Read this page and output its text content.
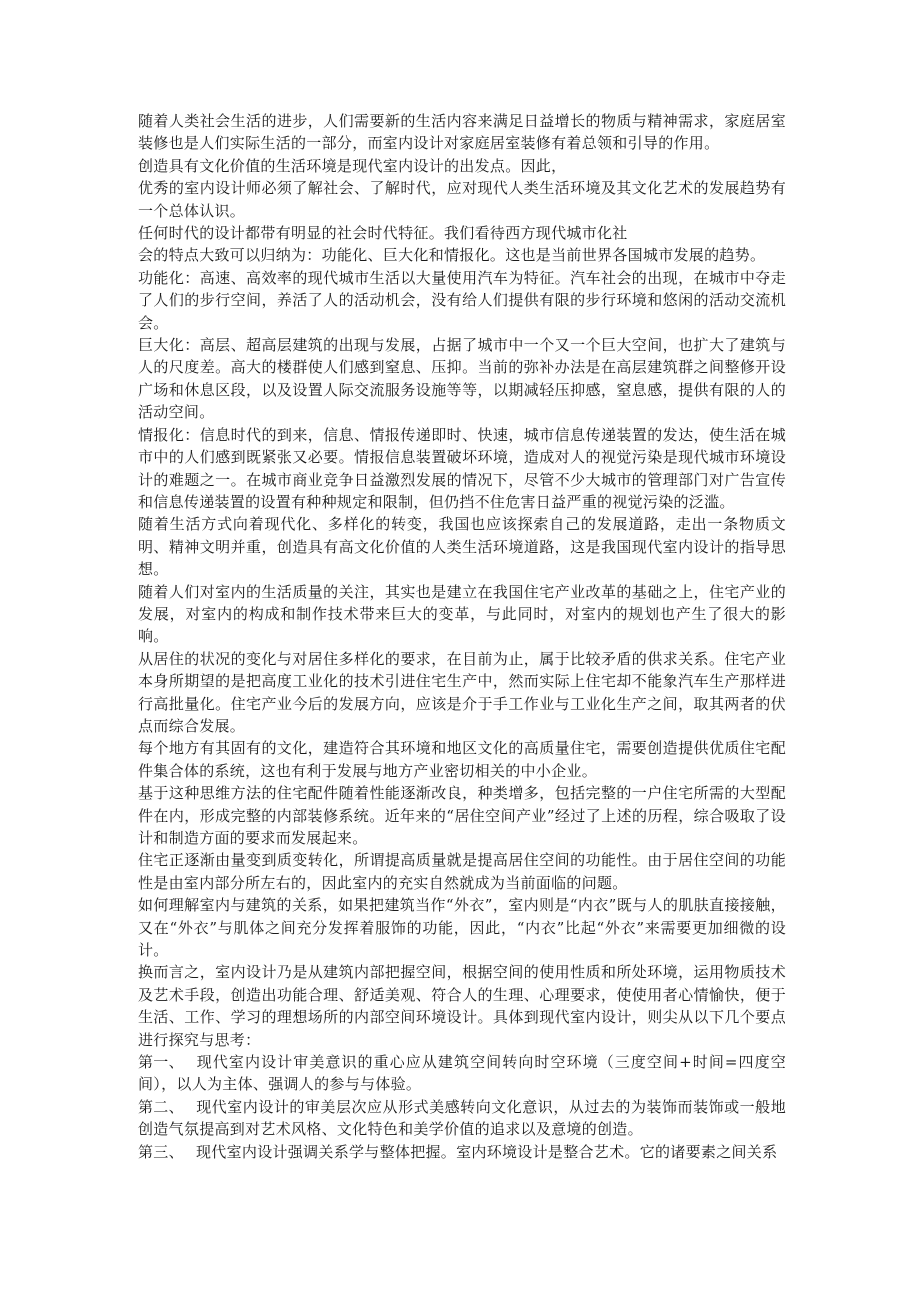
随着人类社会生活的进步，人们需要新的生活内容来满足日益增长的物质与精神需求，家庭居室装修也是人们实际生活的一部分，而室内设计对家庭居室装修有着总领和引导的作用。

创造具有文化价值的生活环境是现代室内设计的出发点。因此，

优秀的室内设计师必须了解社会、了解时代，应对现代人类生活环境及其文化艺术的发展趋势有一个总体认识。

任何时代的设计都带有明显的社会时代特征。我们看待西方现代城市化社

会的特点大致可以归纳为：功能化、巨大化和情报化。这也是当前世界各国城市发展的趋势。

功能化：高速、高效率的现代城市生活以大量使用汽车为特征。汽车社会的出现，在城市中夺走了人们的步行空间，养活了人的活动机会，没有给人们提供有限的步行环境和悠闲的活动交流机会。

巨大化：高层、超高层建筑的出现与发展，占据了城市中一个又一个巨大空间，也扩大了建筑与人的尺度差。高大的楼群使人们感到窒息、压抑。当前的弥补办法是在高层建筑群之间整修开设广场和休息区段，以及设置人际交流服务设施等等，以期减轻压抑感，窒息感，提供有限的人的活动空间。

情报化：信息时代的到来，信息、情报传递即时、快速，城市信息传递装置的发达，使生活在城市中的人们感到既紧张又必要。情报信息装置破坏环境，造成对人的视觉污染是现代城市环境设计的难题之一。在城市商业竞争日益激烈发展的情况下，尽管不少大城市的管理部门对广告宣传和信息传递装置的设置有种种规定和限制，但仍挡不住危害日益严重的视觉污染的泛滥。

随着生活方式向着现代化、多样化的转变，我国也应该探索自己的发展道路，走出一条物质文明、精神文明并重，创造具有高文化价值的人类生活环境道路，这是我国现代室内设计的指导思想。

随着人们对室内的生活质量的关注，其实也是建立在我国住宅产业改革的基础之上，住宅产业的发展，对室内的构成和制作技术带来巨大的变革，与此同时，对室内的规划也产生了很大的影响。

从居住的状况的变化与对居住多样化的要求，在目前为止，属于比较矛盾的供求关系。住宅产业本身所期望的是把高度工业化的技术引进住宅生产中，然而实际上住宅却不能象汽车生产那样进行高批量化。住宅产业今后的发展方向，应该是介于手工作业与工业化生产之间，取其两者的伏点而综合发展。

每个地方有其固有的文化，建造符合其环境和地区文化的高质量住宅，需要创造提供优质住宅配件集合体的系统，这也有利于发展与地方产业密切相关的中小企业。

基于这种思维方法的住宅配件随着性能逐渐改良，种类增多，包括完整的一户住宅所需的大型配件在内，形成完整的内部装修系统。近年来的“居住空间产业”经过了上述的历程，综合吸取了设计和制造方面的要求而发展起来。

住宅正逐渐由量变到质变转化，所谓提高质量就是提高居住空间的功能性。由于居住空间的功能性是由室内部分所左右的，因此室内的充实自然就成为当前面临的问题。

如何理解室内与建筑的关系，如果把建筑当作“外衣”，室内则是“内衣”既与人的肌肤直接接触，又在“外衣”与肌体之间充分发挥着服饰的功能，因此，“内衣”比起“外衣”来需要更加细微的设计。

换而言之，室内设计乃是从建筑内部把握空间，根据空间的使用性质和所处环境，运用物质技术及艺术手段，创造出功能合理、舒适美观、符合人的生理、心理要求，使使用者心情愉快，便于生活、工作、学习的理想场所的内部空间环境设计。具体到现代室内设计，则尖从以下几个要点进行探究与思考：

第一、 现代室内设计审美意识的重心应从建筑空间转向时空环境（三度空间+时间=四度空间），以人为主体、强调人的参与与体验。

第二、 现代室内设计的审美层次应从形式美感转向文化意识，从过去的为装饰而装饰或一般地创造气氛提高到对艺术风格、文化特色和美学价值的追求以及意境的创造。

第三、 现代室内设计强调关系学与整体把握。室内环境设计是整合艺术。它的诸要素之间关系
